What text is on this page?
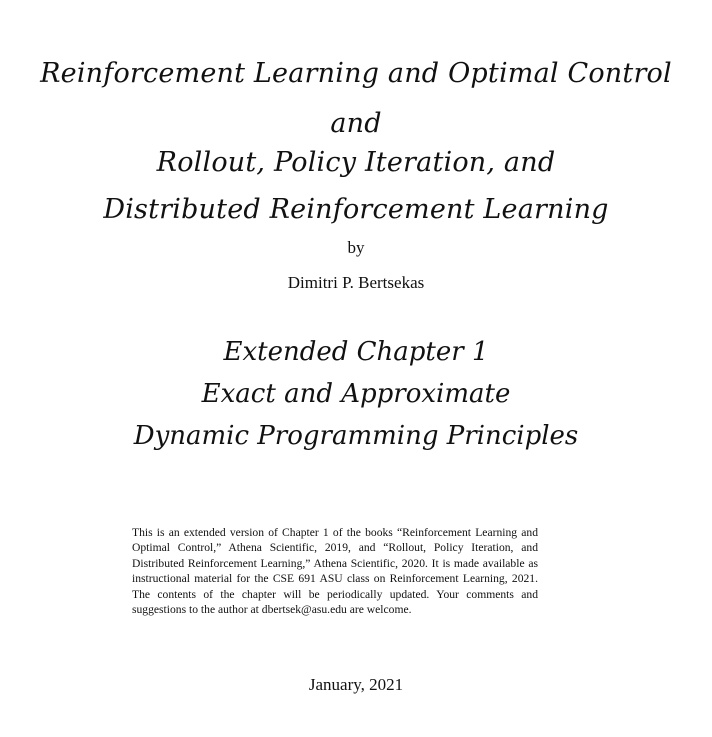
Reinforcement Learning and Optimal Control
and
Rollout, Policy Iteration, and
Distributed Reinforcement Learning
by
Dimitri P. Bertsekas
Extended Chapter 1
Exact and Approximate
Dynamic Programming Principles
This is an extended version of Chapter 1 of the books “Reinforcement Learning and Optimal Control,” Athena Scientific, 2019, and “Rollout, Policy Iteration, and Distributed Reinforcement Learning,” Athena Scientific, 2020. It is made available as instructional material for the CSE 691 ASU class on Reinforcement Learning, 2021. The contents of the chapter will be periodically updated. Your comments and suggestions to the author at dbertsek@asu.edu are welcome.
January, 2021
